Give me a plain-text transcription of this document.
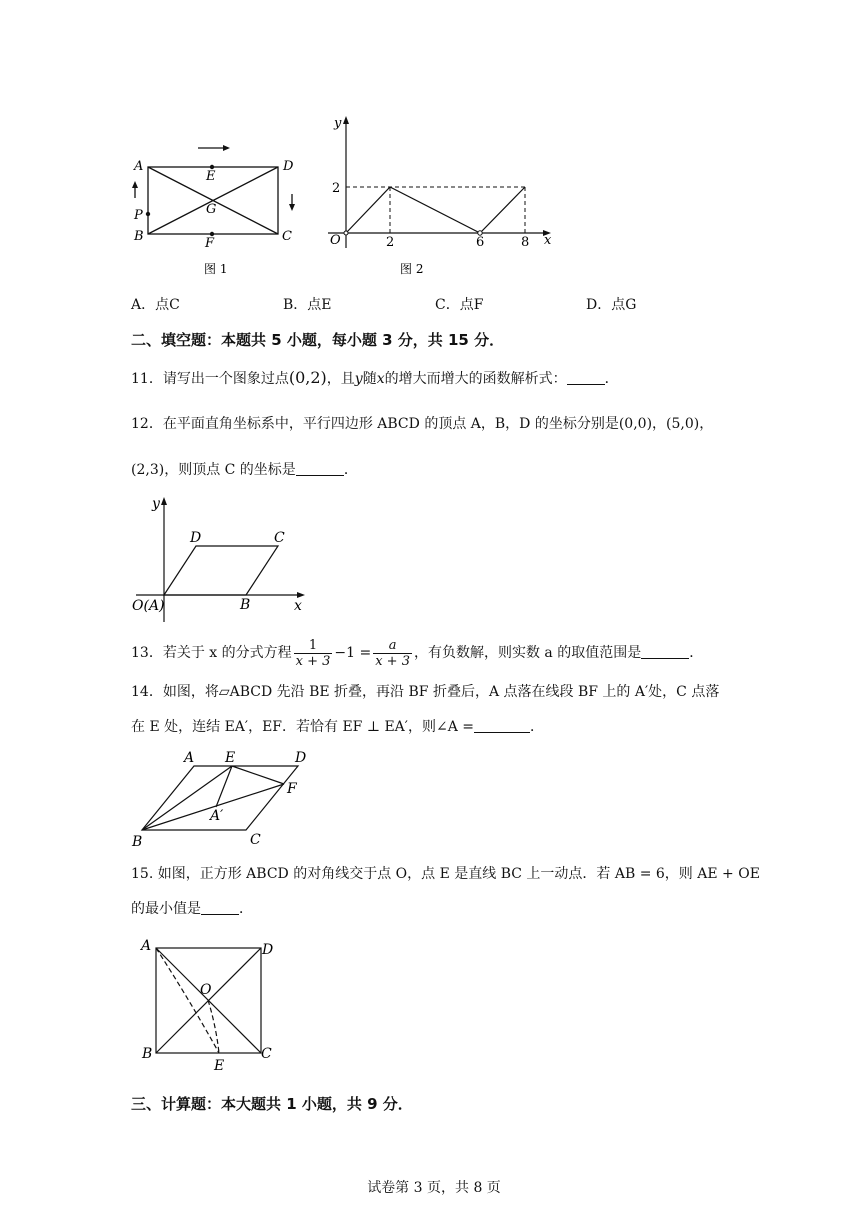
A	D
E
G
P
B	C
F
图 1
y
x
O
2
2	6	8
图 2
A．点C	B．点E	C．点F	D．点G
二、填空题：本题共 5 小题，每小题 3 分，共 15 分．
11．请写出一个图象过点(0,2)，且y随x的增大而增大的函数解析式：	．
12．在平面直角坐标系中，平行四边形 ABCD 的顶点 A，B，D 的坐标分别是(0,0)，(5,0)，
(2,3)，则顶点 C 的坐标是	．
y
x
O(A)	B
C
D
13．若关于 x 的分式方程 $\frac{1}{x + 3} -1 = \frac{a}{x + 3}$ ，有负数解，则实数 a 的取值范围是	．
14．如图，将▱ABCD 先沿 BE 折叠，再沿 BF 折叠后，A 点落在线段 BF 上的 A′处，C 点落
在 E 处，连结 EA′，EF．若恰有 EF ⊥ EA′，则∠A =	．
A E	D
F
A′
B	C
15. 如图，正方形 ABCD 的对角线交于点 O，点 E 是直线 BC 上一动点．若 AB = 6，则 AE + OE
的最小值是	．
A	D
O
B
E
C
三、计算题：本大题共 1 小题，共 9 分．
试卷第 3 页，共 8 页
